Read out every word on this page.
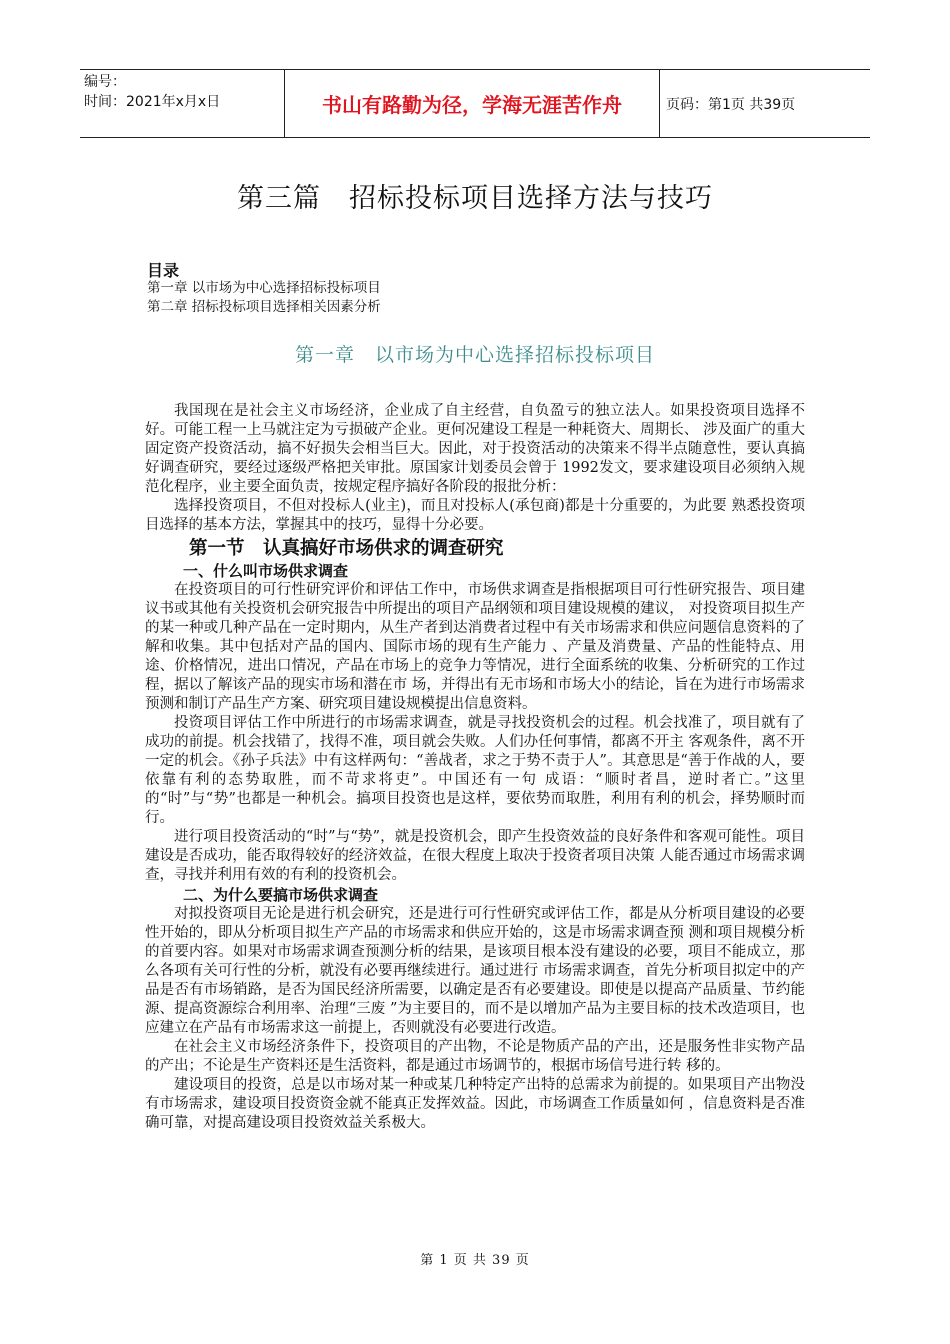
编号：
时间：2021年x月x日	书山有路勤为径，学海无涯苦作舟	页码：第1页 共39页
第三篇　招标投标项目选择方法与技巧
目录
第一章 以市场为中心选择招标投标项目
第二章 招标投标项目选择相关因素分析
第一章　以市场为中心选择招标投标项目

我国现在是社会主义市场经济，企业成了自主经营，自负盈亏的独立法人。如果投资项目选择不好。可能工程一上马就注定为亏损破产企业。更何况建设工程是一种耗资大、周期长、 涉及面广的重大固定资产投资活动，搞不好损失会相当巨大。因此，对于投资活动的决策来不得半点随意性，要认真搞好调查研究，要经过逐级严格把关审批。原国家计划委员会曾于 1992发文，要求建设项目必须纳入规范化程序，业主要全面负责，按规定程序搞好各阶段的报批分析：

选择投资项目，不但对投标人(业主)，而且对投标人(承包商)都是十分重要的，为此要 熟悉投资项目选择的基本方法，掌握其中的技巧，显得十分必要。

第一节　认真搞好市场供求的调查研究
一、什么叫市场供求调查

在投资项目的可行性研究评价和评估工作中，市场供求调查是指根据项目可行性研究报告、项目建议书或其他有关投资机会研究报告中所提出的项目产品纲领和项目建设规模的建议， 对投资项目拟生产的某一种或几种产品在一定时期内，从生产者到达消费者过程中有关市场需求和供应问题信息资料的了解和收集。其中包括对产品的国内、国际市场的现有生产能力 、产量及消费量、产品的性能特点、用途、价格情况，进出口情况，产品在市场上的竞争力等情况，进行全面系统的收集、分析研究的工作过程，据以了解该产品的现实市场和潜在市 场，并得出有无市场和市场大小的结论，旨在为进行市场需求预测和制订产品生产方案、研究项目建设规模提出信息资料。

投资项目评估工作中所进行的市场需求调查，就是寻找投资机会的过程。机会找准了，项目就有了成功的前提。机会找错了，找得不准，项目就会失败。人们办任何事情，都离不开主 客观条件，离不开一定的机会。《孙子兵法》中有这样两句：“善战者，求之于势不责于人”。其意思是“善于作战的人，要依靠有利的态势取胜，而不苛求将吏”。中国还有一句 成语：“顺时者昌，逆时者亡。”这里的“时”与“势”也都是一种机会。搞项目投资也是这样，要依势而取胜，利用有利的机会，择势顺时而行。

进行项目投资活动的“时”与“势”，就是投资机会，即产生投资效益的良好条件和客观可能性。项目建设是否成功，能否取得较好的经济效益，在很大程度上取决于投资者项目决策 人能否通过市场需求调查，寻找并利用有效的有利的投资机会。

二、为什么要搞市场供求调查

对拟投资项目无论是进行机会研究，还是进行可行性研究或评估工作，都是从分析项目建设的必要性开始的，即从分析项目拟生产产品的市场需求和供应开始的，这是市场需求调查预 测和项目规模分析的首要内容。如果对市场需求调查预测分析的结果，是该项目根本没有建设的必要，项目不能成立，那么各项有关可行性的分析，就没有必要再继续进行。通过进行 市场需求调查，首先分析项目拟定中的产品是否有市场销路，是否为国民经济所需要，以确定是否有必要建设。即使是以提高产品质量、节约能源、提高资源综合利用率、治理“三废 ”为主要目的，而不是以增加产品为主要目标的技术改造项目，也应建立在产品有市场需求这一前提上，否则就没有必要进行改造。

在社会主义市场经济条件下，投资项目的产出物，不论是物质产品的产出，还是服务性非实物产品的产出；不论是生产资料还是生活资料，都是通过市场调节的，根据市场信号进行转 移的。

建设项目的投资，总是以市场对某一种或某几种特定产出特的总需求为前提的。如果项目产出物没有市场需求，建设项目投资资金就不能真正发挥效益。因此，市场调查工作质量如何 ，信息资料是否准确可靠，对提高建设项目投资效益关系极大。

第 1 页 共 39 页
